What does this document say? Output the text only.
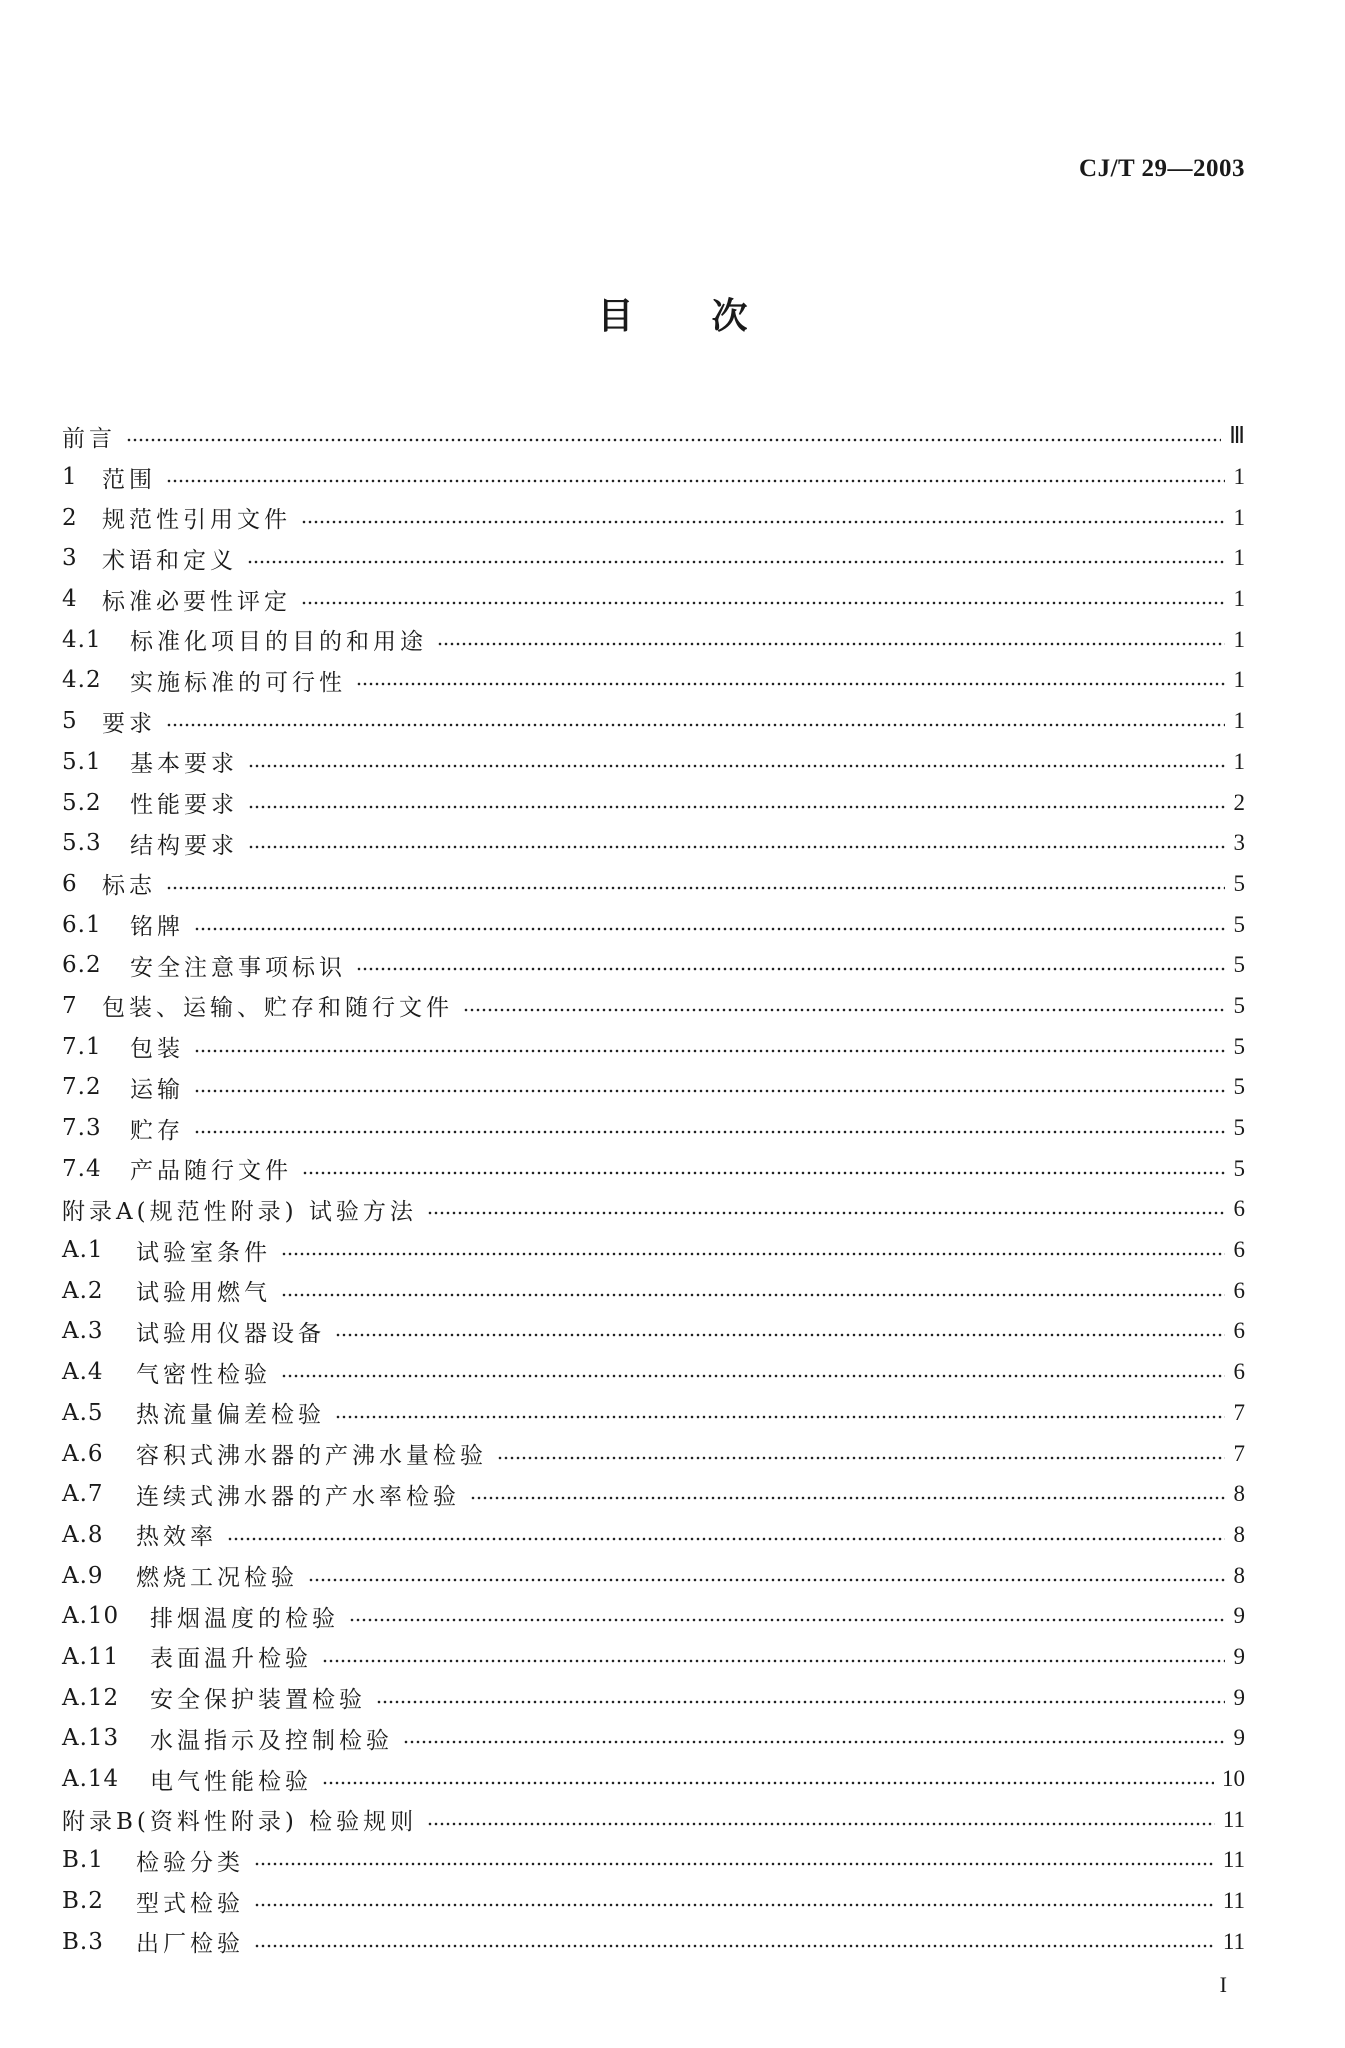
CJ/T 29—2003
目次
前言	Ⅲ
1	范围	1
2	规范性引用文件	1
3	术语和定义	1
4	标准必要性评定	1
4.1	标准化项目的目的和用途	1
4.2	实施标准的可行性	1
5	要求	1
5.1	基本要求	1
5.2	性能要求	2
5.3	结构要求	3
6	标志	5
6.1	铭牌	5
6.2	安全注意事项标识	5
7	包装、运输、贮存和随行文件	5
7.1	包装	5
7.2	运输	5
7.3	贮存	5
7.4	产品随行文件	5
附录A(规范性附录) 试验方法	6
A.1	试验室条件	6
A.2	试验用燃气	6
A.3	试验用仪器设备	6
A.4	气密性检验	6
A.5	热流量偏差检验	7
A.6	容积式沸水器的产沸水量检验	7
A.7	连续式沸水器的产水率检验	8
A.8	热效率	8
A.9	燃烧工况检验	8
A.10	排烟温度的检验	9
A.11	表面温升检验	9
A.12	安全保护装置检验	9
A.13	水温指示及控制检验	9
A.14	电气性能检验	10
附录B(资料性附录) 检验规则	11
B.1	检验分类	11
B.2	型式检验	11
B.3	出厂检验	11
I
